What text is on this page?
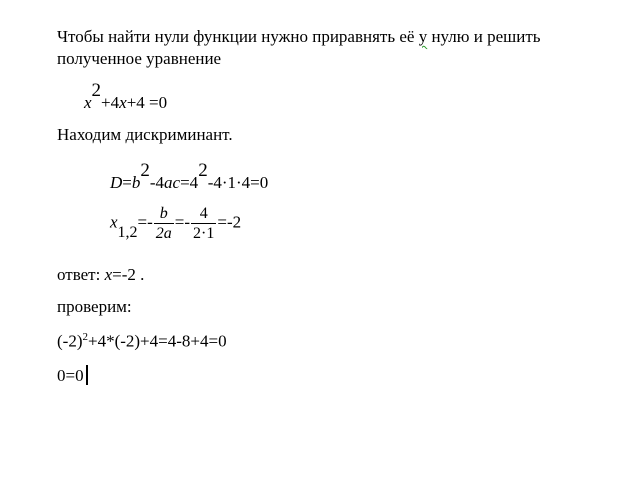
Чтобы найти нули функции нужно приравнять её у нулю и решить
полученное уравнение
x2+4x+4 =0
Находим дискриминант.
D=b2-4ac=42-4·1·4=0
$x1,2=- \frac{b}{2a} =- \frac{4}{2\cdot 1} =-2$
ответ: x=-2 .
проверим:
$(-2)^2+4*(-2)+4=4-8+4=0$
0=0
